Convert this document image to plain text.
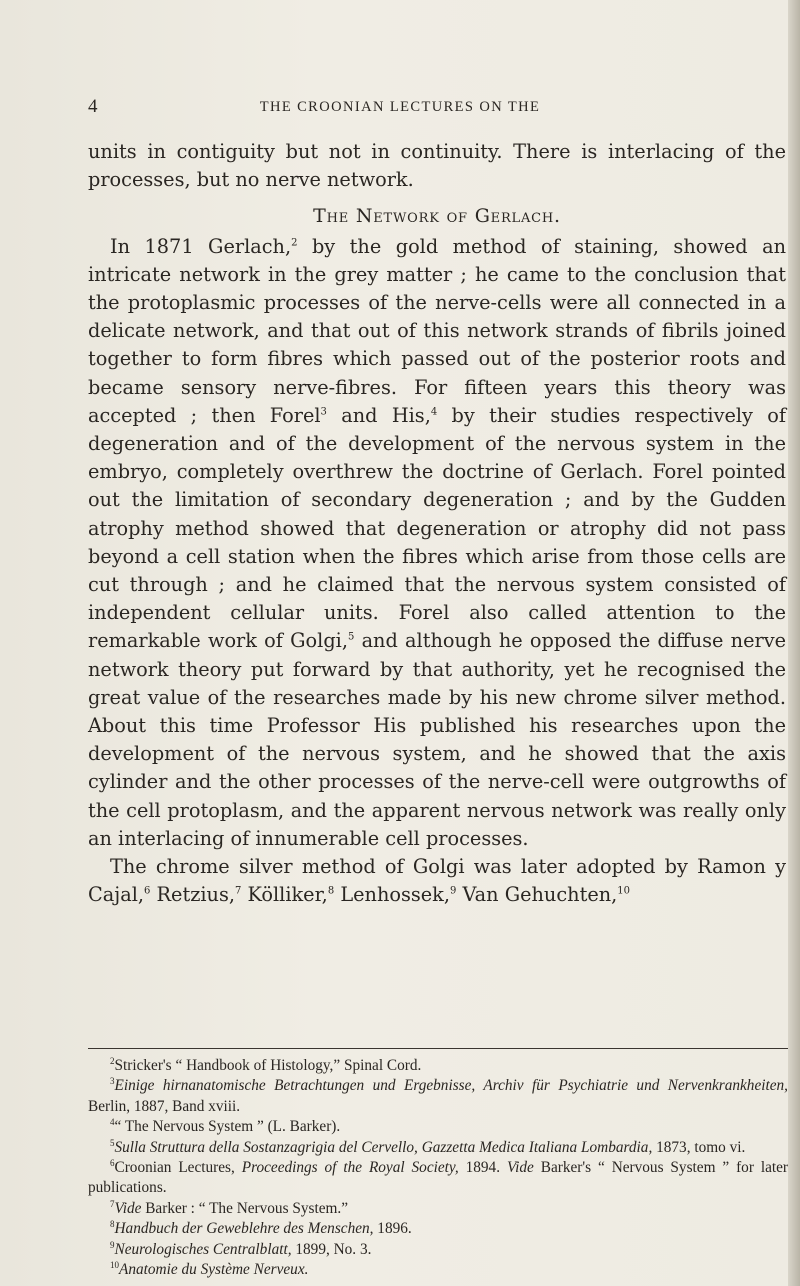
4	THE CROONIAN LECTURES ON THE

units in contiguity but not in continuity. There is interlacing of the processes, but no nerve network.

The Network of Gerlach.

In 1871 Gerlach,$^2$ by the gold method of staining, showed an intricate network in the grey matter ; he came to the conclusion that the protoplasmic processes of the nerve-cells were all connected in a delicate network, and that out of this network strands of fibrils joined together to form fibres which passed out of the posterior roots and became sensory nerve-fibres. For fifteen years this theory was accepted ; then Forel$^3$ and His,$^4$ by their studies respectively of degeneration and of the development of the nervous system in the embryo, completely overthrew the doctrine of Gerlach. Forel pointed out the limitation of secondary degeneration ; and by the Gudden atrophy method showed that degeneration or atrophy did not pass beyond a cell station when the fibres which arise from those cells are cut through ; and he claimed that the nervous system consisted of independent cellular units. Forel also called attention to the remarkable work of Golgi,$^5$ and although he opposed the diffuse nerve network theory put forward by that authority, yet he recognised the great value of the researches made by his new chrome silver method. About this time Professor His published his researches upon the development of the nervous system, and he showed that the axis cylinder and the other processes of the nerve-cell were outgrowths of the cell protoplasm, and the apparent nervous network was really only an interlacing of innumerable cell processes.

The chrome silver method of Golgi was later adopted by Ramon y Cajal,$^6$ Retzius,$^7$ Kölliker,$^8$ Lenhossek,$^9$ Van Gehuchten,$^{10}$

$^2$Stricker's “ Handbook of Histology,” Spinal Cord.

$^3$Einige hirnanatomische Betrachtungen und Ergebnisse, Archiv für Psychiatrie und Nervenkrankheiten, Berlin, 1887, Band xviii.

$^4$“ The Nervous System ” (L. Barker).

$^5$Sulla Struttura della Sostanzagrigia del Cervello, Gazzetta Medica Italiana Lombardia, 1873, tomo vi.

$^6$Croonian Lectures, Proceedings of the Royal Society, 1894. Vide Barker's “ Nervous System ” for later publications.

$^7$Vide Barker : “ The Nervous System.”

$^8$Handbuch der Geweblehre des Menschen, 1896.

$^9$Neurologisches Centralblatt, 1899, No. 3.

$^{10}$Anatomie du Système Nerveux.
